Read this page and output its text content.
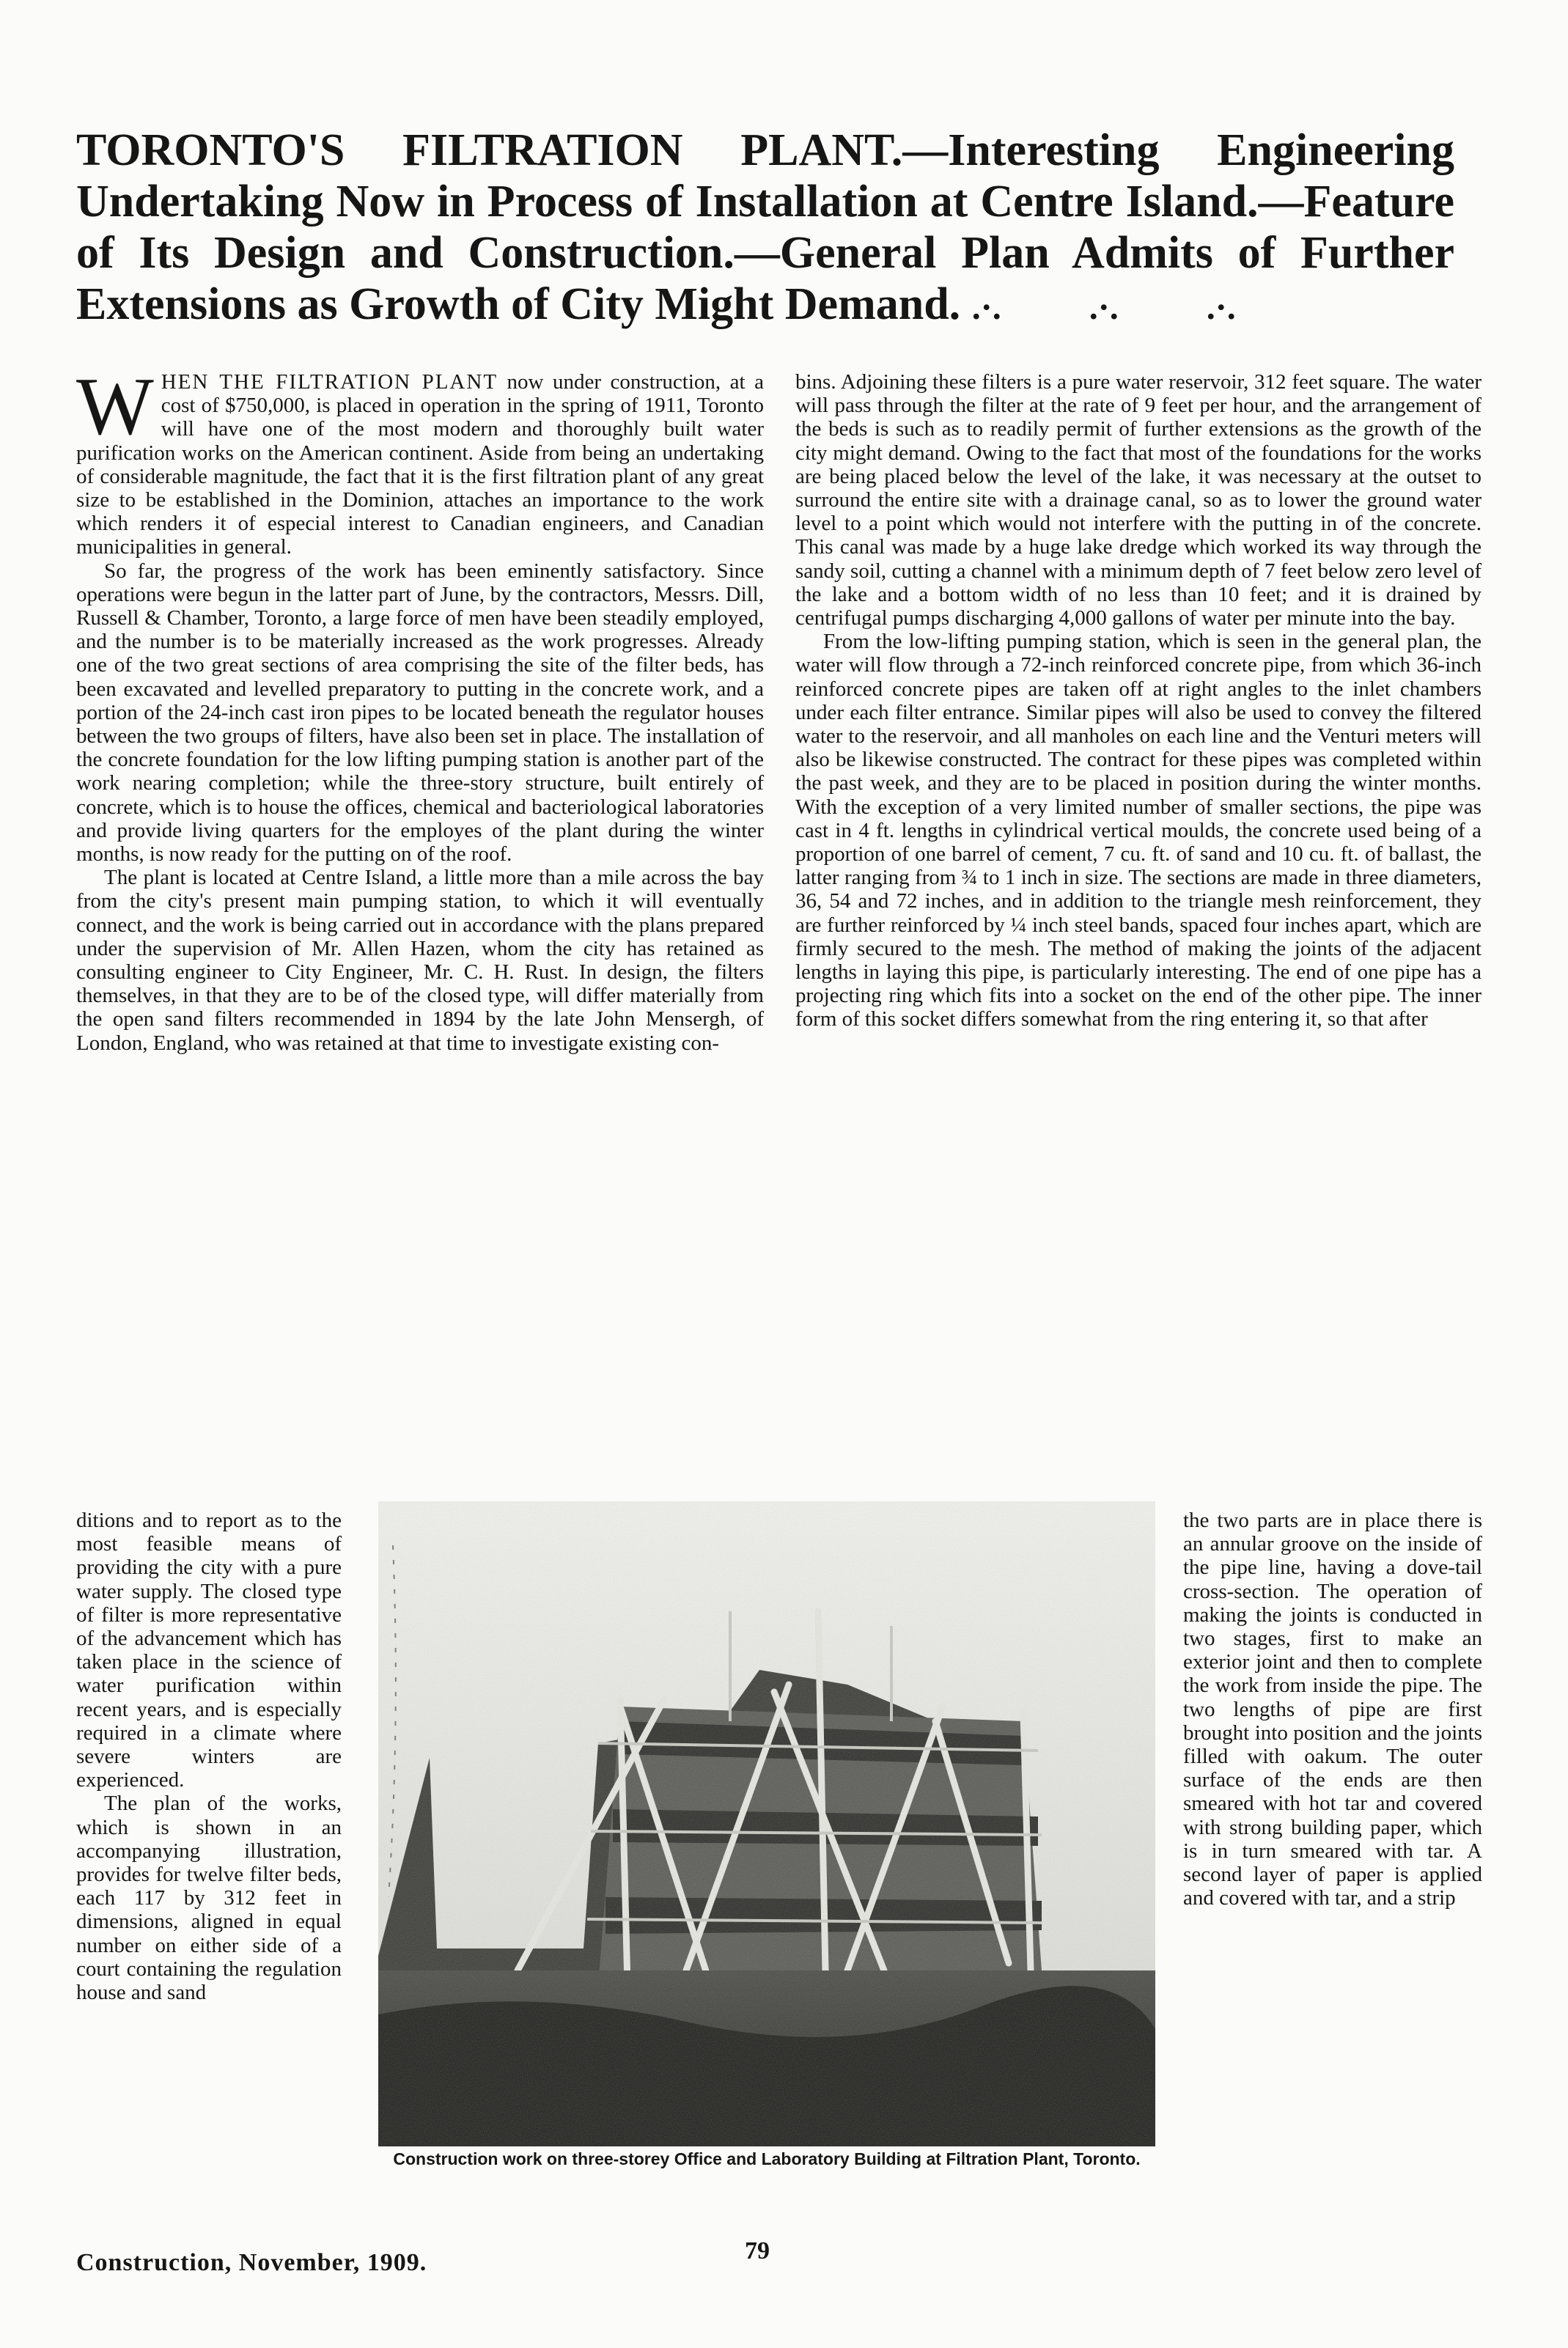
TORONTO'S FILTRATION PLANT.—Interesting Engineering Undertaking Now in Process of Installation at Centre Island.—Feature of Its Design and Construction.—General Plan Admits of Further Extensions as Growth of City Might Demand. .·.          .·.          .·.

WHEN THE FILTRATION PLANT now under construction, at a cost of $750,000, is placed in operation in the spring of 1911, Toronto will have one of the most modern and thoroughly built water purification works on the American continent. Aside from being an undertaking of considerable magnitude, the fact that it is the first filtration plant of any great size to be established in the Dominion, attaches an importance to the work which renders it of especial interest to Canadian engineers, and Canadian municipalities in general.

So far, the progress of the work has been eminently satisfactory. Since operations were begun in the latter part of June, by the contractors, Messrs. Dill, Russell & Chamber, Toronto, a large force of men have been steadily employed, and the number is to be materially increased as the work progresses. Already one of the two great sections of area comprising the site of the filter beds, has been excavated and levelled preparatory to putting in the concrete work, and a portion of the 24-inch cast iron pipes to be located beneath the regulator houses between the two groups of filters, have also been set in place. The installation of the concrete foundation for the low lifting pumping station is another part of the work nearing completion; while the three-story structure, built entirely of concrete, which is to house the offices, chemical and bacteriological laboratories and provide living quarters for the employes of the plant during the winter months, is now ready for the putting on of the roof.

The plant is located at Centre Island, a little more than a mile across the bay from the city's present main pumping station, to which it will eventually connect, and the work is being carried out in accordance with the plans prepared under the supervision of Mr. Allen Hazen, whom the city has retained as consulting engineer to City Engineer, Mr. C. H. Rust. In design, the filters themselves, in that they are to be of the closed type, will differ materially from the open sand filters recommended in 1894 by the late John Mensergh, of London, England, who was retained at that time to investigate existing con-

ditions and to report as to the most feasible means of providing the city with a pure water supply. The closed type of filter is more representative of the advancement which has taken place in the science of water purification within recent years, and is especially required in a climate where severe winters are experienced.

The plan of the works, which is shown in an accompanying illustration, provides for twelve filter beds, each 117 by 312 feet in dimensions, aligned in equal number on either side of a court containing the regulation house and sand

bins. Adjoining these filters is a pure water reservoir, 312 feet square. The water will pass through the filter at the rate of 9 feet per hour, and the arrangement of the beds is such as to readily permit of further extensions as the growth of the city might demand. Owing to the fact that most of the foundations for the works are being placed below the level of the lake, it was necessary at the outset to surround the entire site with a drainage canal, so as to lower the ground water level to a point which would not interfere with the putting in of the concrete. This canal was made by a huge lake dredge which worked its way through the sandy soil, cutting a channel with a minimum depth of 7 feet below zero level of the lake and a bottom width of no less than 10 feet; and it is drained by centrifugal pumps discharging 4,000 gallons of water per minute into the bay.

From the low-lifting pumping station, which is seen in the general plan, the water will flow through a 72-inch reinforced concrete pipe, from which 36-inch reinforced concrete pipes are taken off at right angles to the inlet chambers under each filter entrance. Similar pipes will also be used to convey the filtered water to the reservoir, and all manholes on each line and the Venturi meters will also be likewise constructed. The contract for these pipes was completed within the past week, and they are to be placed in position during the winter months. With the exception of a very limited number of smaller sections, the pipe was cast in 4 ft. lengths in cylindrical vertical moulds, the concrete used being of a proportion of one barrel of cement, 7 cu. ft. of sand and 10 cu. ft. of ballast, the latter ranging from ¾ to 1 inch in size. The sections are made in three diameters, 36, 54 and 72 inches, and in addition to the triangle mesh reinforcement, they are further reinforced by ¼ inch steel bands, spaced four inches apart, which are firmly secured to the mesh. The method of making the joints of the adjacent lengths in laying this pipe, is particularly interesting. The end of one pipe has a projecting ring which fits into a socket on the end of the other pipe. The inner form of this socket differs somewhat from the ring entering it, so that after

the two parts are in place there is an annular groove on the inside of the pipe line, having a dove-tail cross-section. The operation of making the joints is conducted in two stages, first to make an exterior joint and then to complete the work from inside the pipe. The two lengths of pipe are first brought into position and the joints filled with oakum. The outer surface of the ends are then smeared with hot tar and covered with strong building paper, which is in turn smeared with tar. A second layer of paper is applied and covered with tar, and a strip

Construction work on three-storey Office and Laboratory Building at Filtration Plant, Toronto.
Construction, November, 1909.	79
